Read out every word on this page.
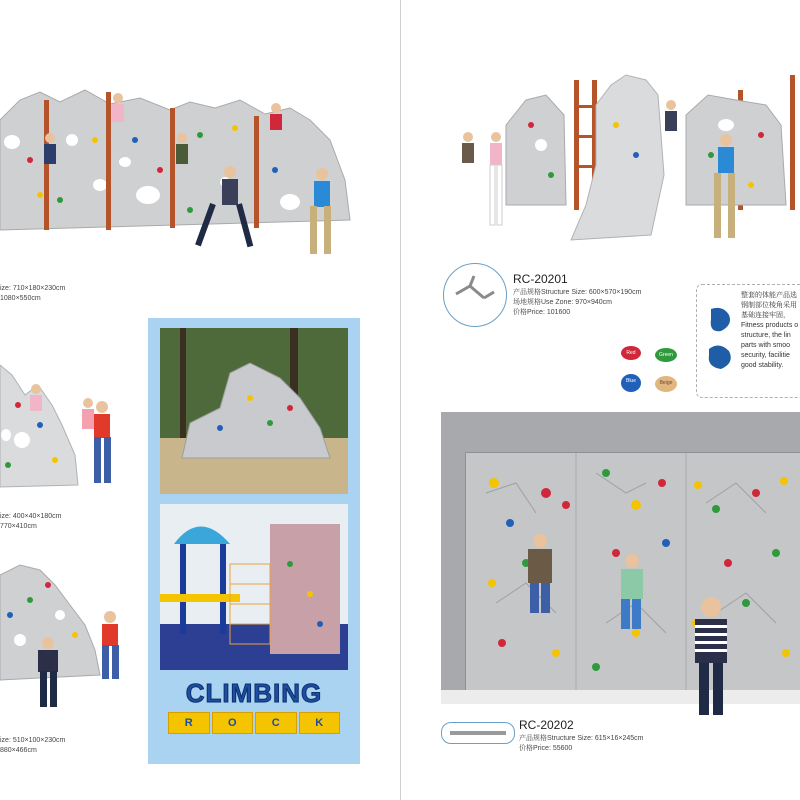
ize: 710×180×230cm
1080×550cm
ize: 400×40×180cm
770×410cm
ize: 510×100×230cm
880×466cm
CLIMBING
R	O	C	K
RC-20201
产品规格Structure Size: 600×570×190cm
场地规格Use Zone: 970×940cm
价格Price: 101600
整套的体能产品选
钢制部位棱角采用
基础连接牢固，
Fitness products o
structure, the lin
parts with smoo
security, facilitie
good stability.
Red	Green
Blue	Beige
RC-20202
产品规格Structure Size: 615×16×245cm
价格Price: 55600
